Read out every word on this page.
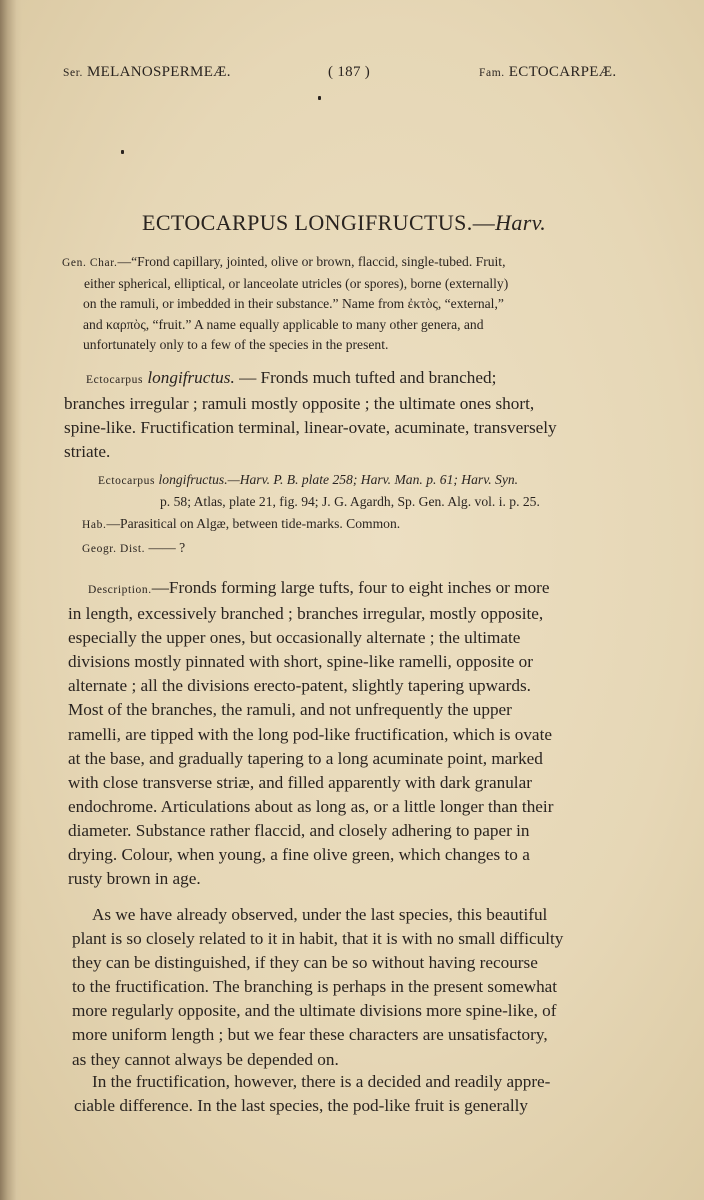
Ser. MELANOSPERMEÆ.	( 187 )	Fam. ECTOCARPEÆ.
ECTOCARPUS LONGIFRUCTUS.—Harv.
Gen. Char.—“Frond capillary, jointed, olive or brown, flaccid, single-tubed. Fruit,
either spherical, elliptical, or lanceolate utricles (or spores), borne (externally)
on the ramuli, or imbedded in their substance.” Name from ἐκτὸς, “external,”
and καρπὸς, “fruit.” A name equally applicable to many other genera, and
unfortunately only to a few of the species in the present.
Ectocarpus longifructus. — Fronds much tufted and branched;
branches irregular ; ramuli mostly opposite ; the ultimate ones short,
spine-like. Fructification terminal, linear-ovate, acuminate, transversely
striate.
Ectocarpus longifructus.—Harv. P. B. plate 258; Harv. Man. p. 61; Harv. Syn.
p. 58; Atlas, plate 21, fig. 94; J. G. Agardh, Sp. Gen. Alg. vol. i. p. 25.
Hab.—Parasitical on Algæ, between tide-marks. Common.
Geogr. Dist. —— ?
Description.—Fronds forming large tufts, four to eight inches or more
in length, excessively branched ; branches irregular, mostly opposite,
especially the upper ones, but occasionally alternate ; the ultimate
divisions mostly pinnated with short, spine-like ramelli, opposite or
alternate ; all the divisions erecto-patent, slightly tapering upwards.
Most of the branches, the ramuli, and not unfrequently the upper
ramelli, are tipped with the long pod-like fructification, which is ovate
at the base, and gradually tapering to a long acuminate point, marked
with close transverse striæ, and filled apparently with dark granular
endochrome. Articulations about as long as, or a little longer than their
diameter. Substance rather flaccid, and closely adhering to paper in
drying. Colour, when young, a fine olive green, which changes to a
rusty brown in age.
As we have already observed, under the last species, this beautiful
plant is so closely related to it in habit, that it is with no small difficulty
they can be distinguished, if they can be so without having recourse
to the fructification. The branching is perhaps in the present somewhat
more regularly opposite, and the ultimate divisions more spine-like, of
more uniform length ; but we fear these characters are unsatisfactory,
as they cannot always be depended on.
In the fructification, however, there is a decided and readily appre-
ciable difference. In the last species, the pod-like fruit is generally
